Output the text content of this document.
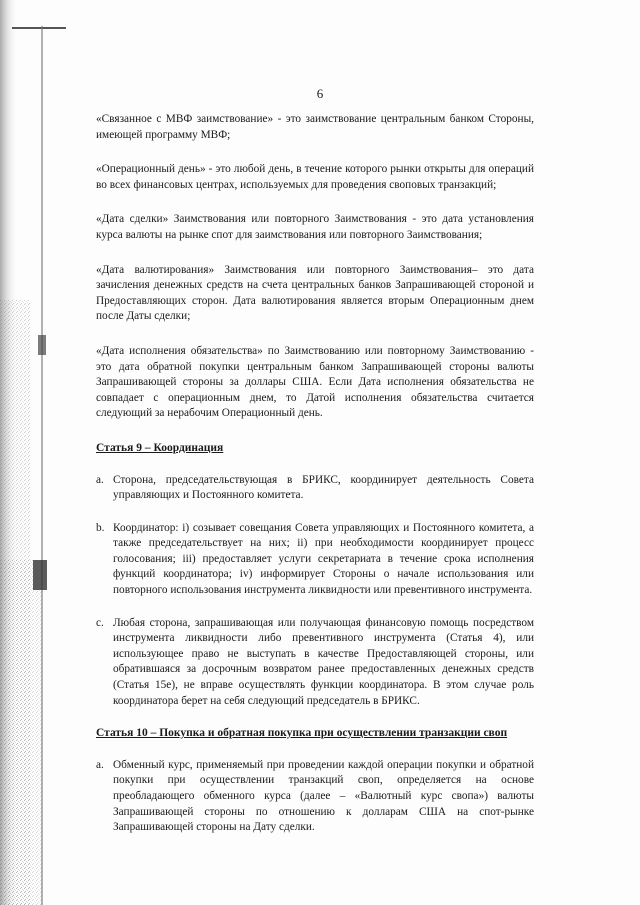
6

«Связанное с МВФ заимствование» - это заимствование центральным банком Стороны, имеющей программу МВФ;

«Операционный день» - это любой день, в течение которого рынки открыты для операций во всех финансовых центрах, используемых для проведения своповых транзакций;

«Дата сделки» Заимствования или повторного Заимствования - это дата установления курса валюты на рынке спот для заимствования или повторного Заимствования;

«Дата валютирования» Заимствования или повторного Заимствования– это дата зачисления денежных средств на счета центральных банков Запрашивающей стороной и Предоставляющих сторон. Дата валютирования является вторым Операционным днем после Даты сделки;

«Дата исполнения обязательства» по Заимствованию или повторному Заимствованию - это дата обратной покупки центральным банком Запрашивающей стороны валюты Запрашивающей стороны за доллары США. Если Дата исполнения обязательства не совпадает с операционным днем, то Датой исполнения обязательства считается следующий за нерабочим Операционный день.

Статья 9 – Координация
a. Сторона, председательствующая в БРИКС, координирует деятельность Совета управляющих и Постоянного комитета.
b. Координатор: i) созывает совещания Совета управляющих и Постоянного комитета, а также председательствует на них; ii) при необходимости координирует процесс голосования; iii) предоставляет услуги секретариата в течение срока исполнения функций координатора; iv) информирует Стороны о начале использования или повторного использования инструмента ликвидности или превентивного инструмента.
c. Любая сторона, запрашивающая или получающая финансовую помощь посредством инструмента ликвидности либо превентивного инструмента (Статья 4), или использующее право не выступать в качестве Предоставляющей стороны, или обратившаяся за досрочным возвратом ранее предоставленных денежных средств (Статья 15е), не вправе осуществлять функции координатора. В этом случае роль координатора берет на себя следующий председатель в БРИКС.
Статья 10 – Покупка и обратная покупка при осуществлении транзакции своп
a. Обменный курс, применяемый при проведении каждой операции покупки и обратной покупки при осуществлении транзакций своп, определяется на основе преобладающего обменного курса (далее – «Валютный курс свопа») валюты Запрашивающей стороны по отношению к долларам США на спот-рынке Запрашивающей стороны на Дату сделки.
